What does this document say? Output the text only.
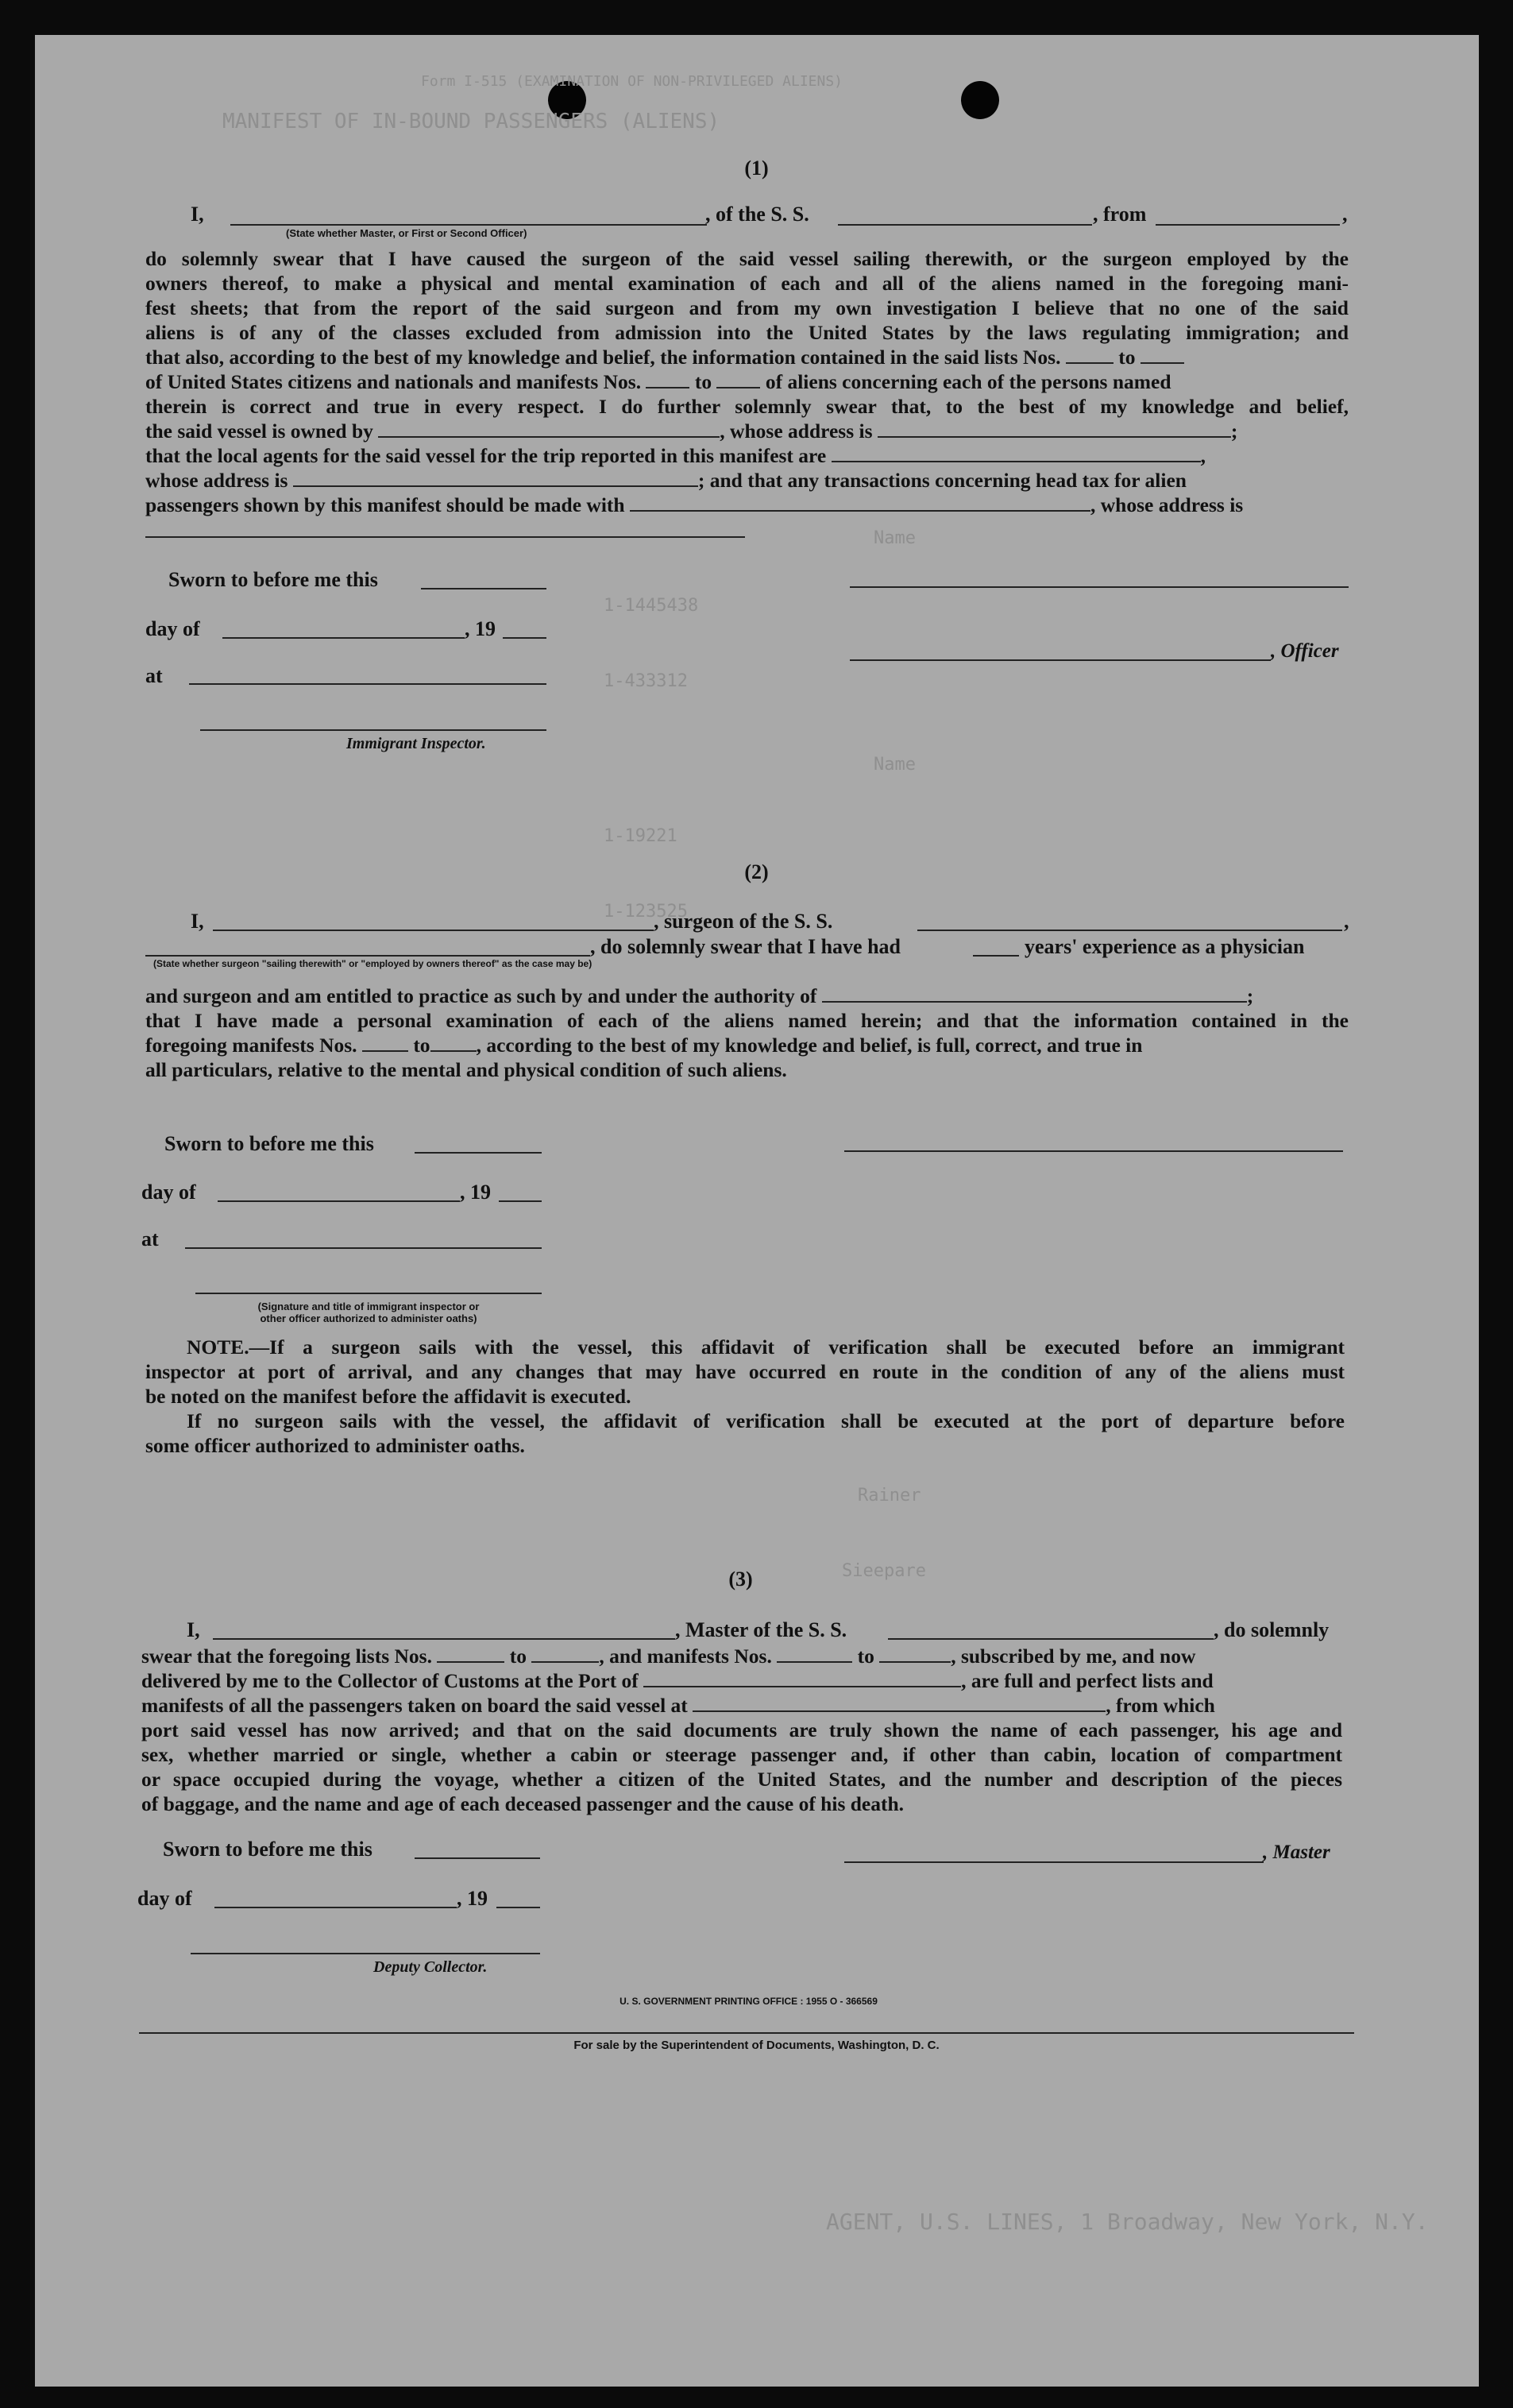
Form I-515 (EXAMINATION OF NON-PRIVILEGED ALIENS)
MANIFEST OF IN-BOUND PASSENGERS (ALIENS)
Name
1-1445438
1-433312
Name
1-19221
1-123525
Rainer
Sieepare
AGENT, U.S. LINES, 1 Broadway, New York, N.Y.
(1)
I,
(State whether Master, or First or Second Officer)
, of the S. S.	, from	,
do solemnly swear that I have caused the surgeon of the said vessel sailing therewith, or the surgeon employed by the
owners thereof, to make a physical and mental examination of each and all of the aliens named in the foregoing mani-
fest sheets; that from the report of the said surgeon and from my own investigation I believe that no one of the said
aliens is of any of the classes excluded from admission into the United States by the laws regulating immigration; and
that also, according to the best of my knowledge and belief, the information contained in the said lists Nos.	to
of United States citizens and nationals and manifests Nos.	to	of aliens concerning each of the persons named
therein is correct and true in every respect. I do further solemnly swear that, to the best of my knowledge and belief,
the said vessel is owned by	, whose address is	;
that the local agents for the said vessel for the trip reported in this manifest are	,
whose address is	; and that any transactions concerning head tax for alien
passengers shown by this manifest should be made with	, whose address is
Sworn to before me this
day of	, 19
, Officer
at
Immigrant Inspector.
(2)
I,	, surgeon of the S. S.	,
, do solemnly swear that I have had	years' experience as a physician
(State whether surgeon "sailing therewith" or "employed by owners thereof" as the case may be)
and surgeon and am entitled to practice as such by and under the authority of	;
that I have made a personal examination of each of the aliens named herein; and that the information contained in the
foregoing manifests Nos.	to , according to the best of my knowledge and belief, is full, correct, and true in
all particulars, relative to the mental and physical condition of such aliens.
Sworn to before me this
day of	, 19
at
(Signature and title of immigrant inspector or
other officer authorized to administer oaths)
NOTE.—If a surgeon sails with the vessel, this affidavit of verification shall be executed before an immigrant
inspector at port of arrival, and any changes that may have occurred en route in the condition of any of the aliens must
be noted on the manifest before the affidavit is executed.
If no surgeon sails with the vessel, the affidavit of verification shall be executed at the port of departure before
some officer authorized to administer oaths.
(3)
I,	, Master of the S. S.	, do solemnly
swear that the foregoing lists Nos.	to	, and manifests Nos.	to	, subscribed by me, and now
delivered by me to the Collector of Customs at the Port of	, are full and perfect lists and
manifests of all the passengers taken on board the said vessel at	, from which
port said vessel has now arrived; and that on the said documents are truly shown the name of each passenger, his age and
sex, whether married or single, whether a cabin or steerage passenger and, if other than cabin, location of compartment
or space occupied during the voyage, whether a citizen of the United States, and the number and description of the pieces
of baggage, and the name and age of each deceased passenger and the cause of his death.
Sworn to before me this	, Master
day of	, 19
Deputy Collector.
U. S. GOVERNMENT PRINTING OFFICE : 1955 O - 366569
For sale by the Superintendent of Documents, Washington, D. C.
